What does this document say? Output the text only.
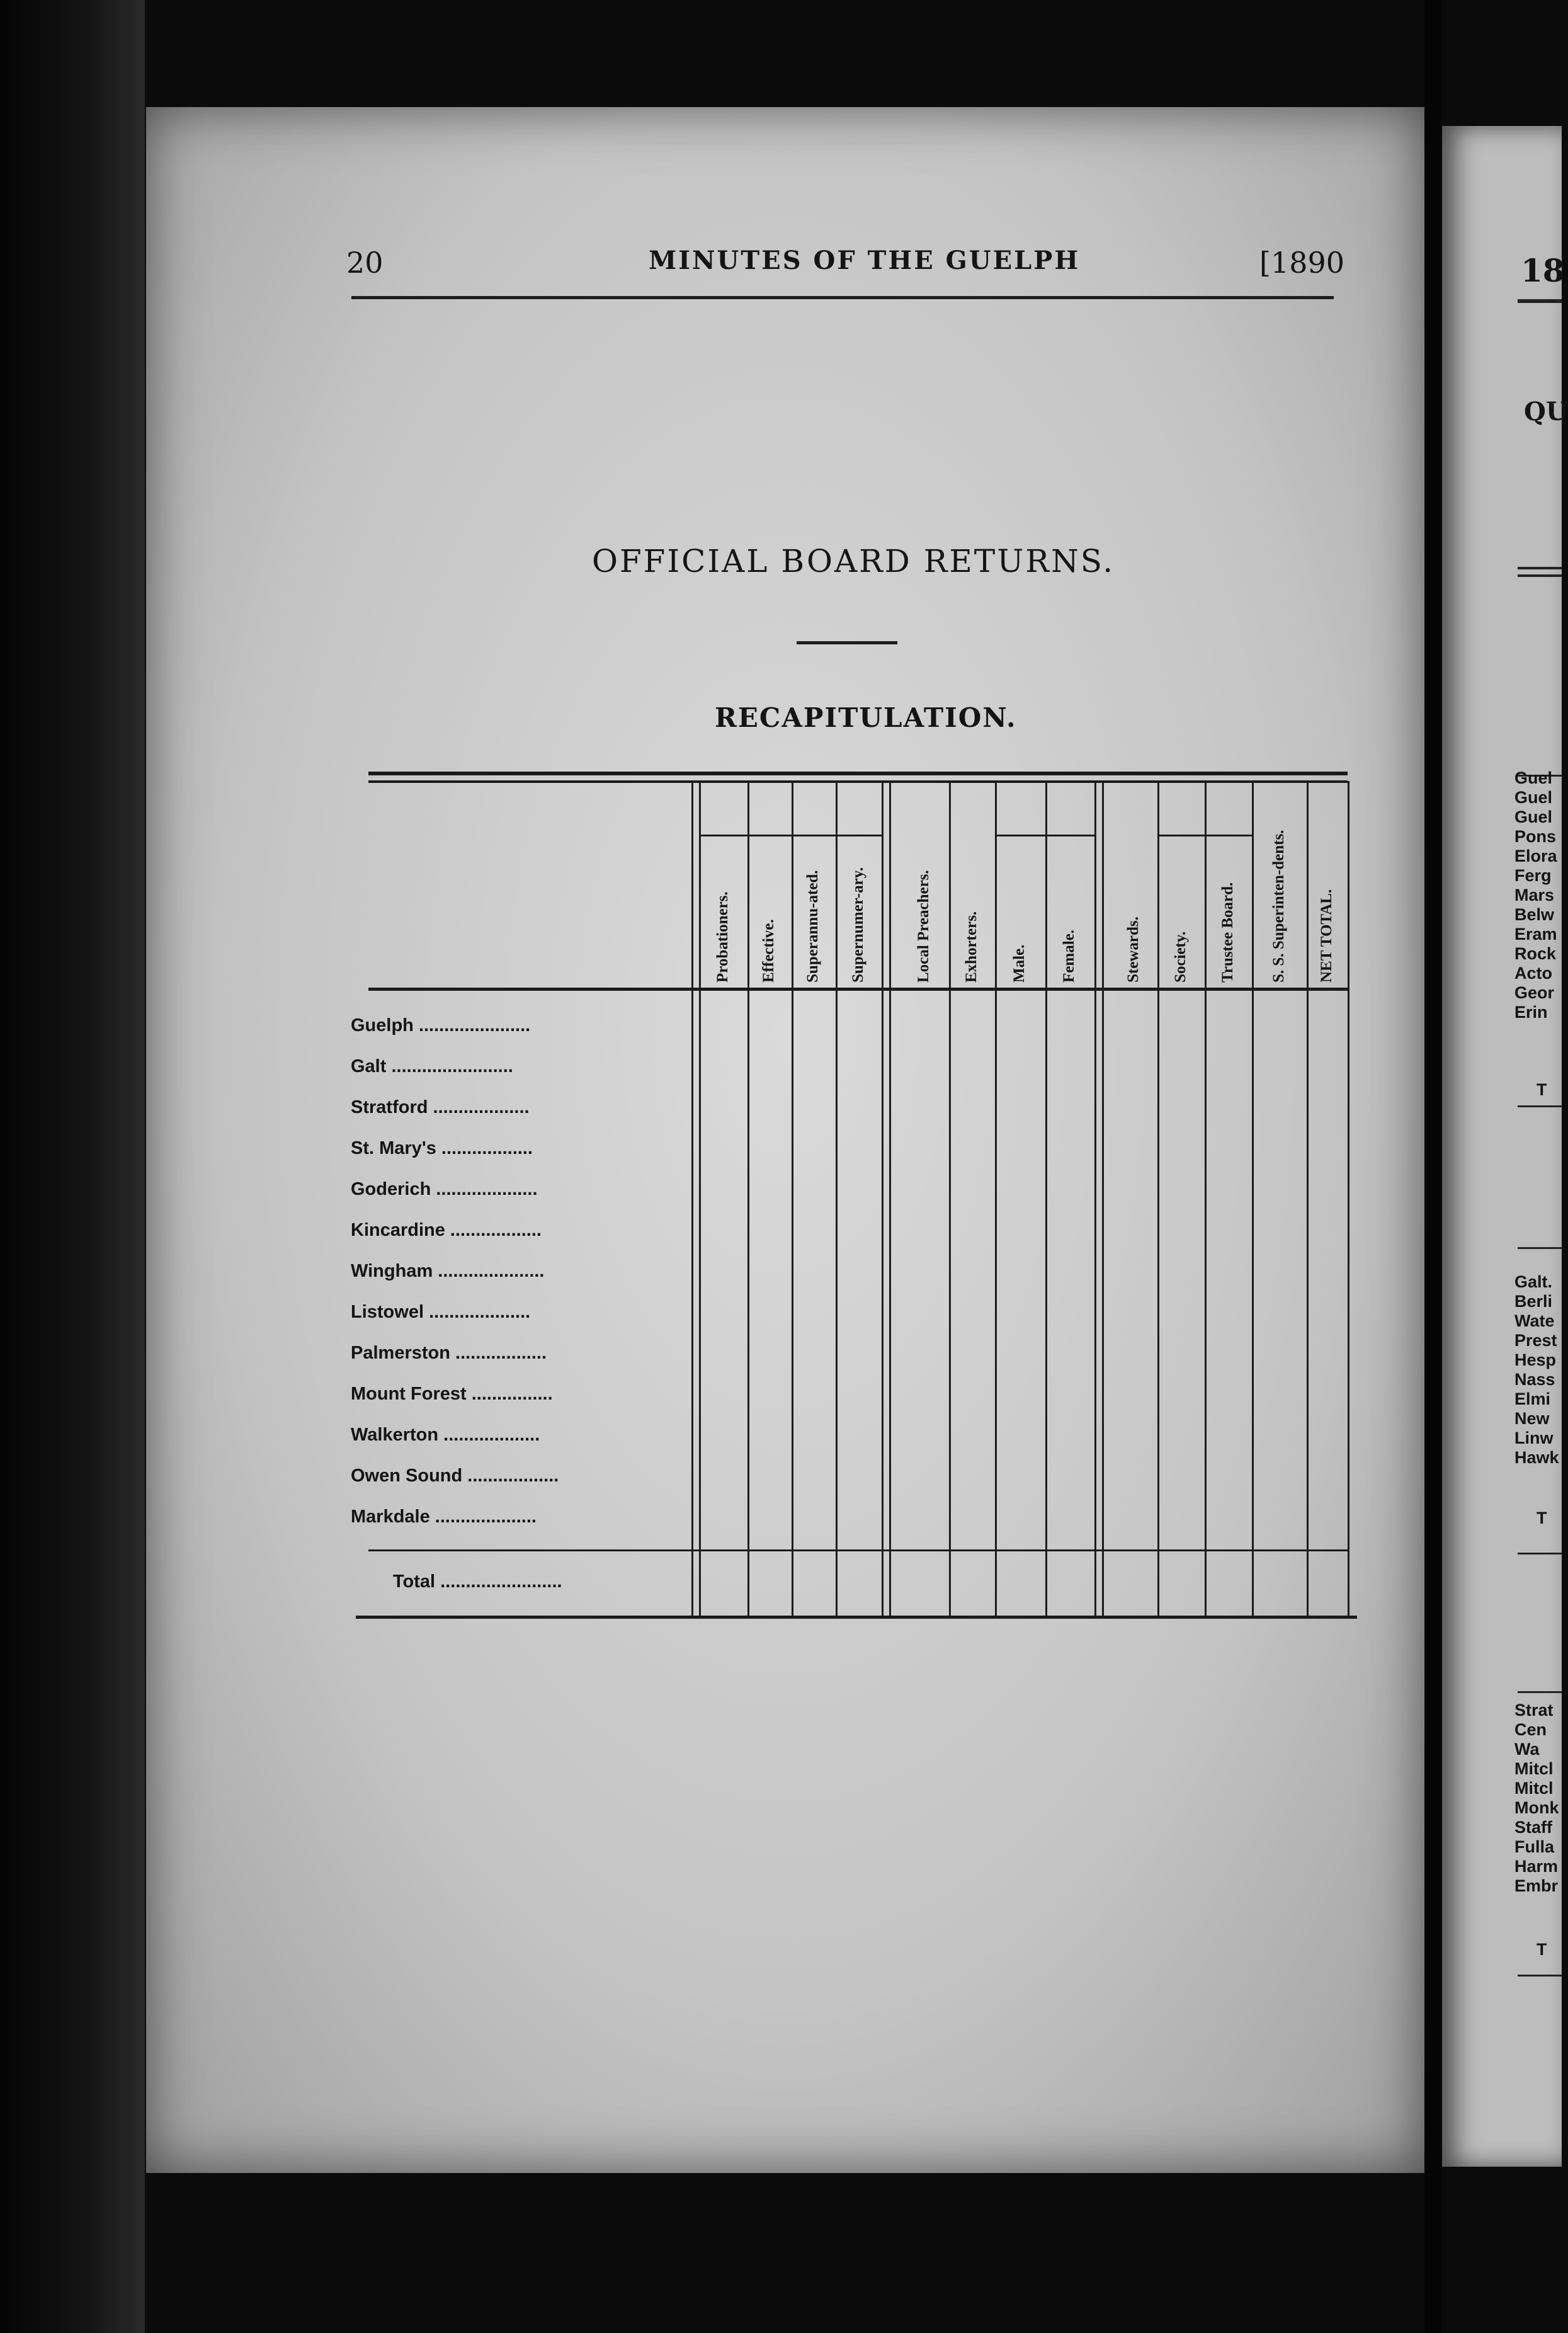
18
QU
Guel
Guel
Guel
Pons
Elora
Ferg
Mars
Belw
Eram
Rock
Acto
Geor
Erin
T
Galt.
Berli
Wate
Prest
Hesp
Nass
Elmi
New
Linw
Hawk
T
Strat
Cen
Wa
Mitcl
Mitcl
Monk
Staff
Fulla
Harm
Embr
T
20	MINUTES OF THE GUELPH	[1890
OFFICIAL BOARD RETURNS.
RECAPITULATION.
Probationers. Effective. Superannu-ated. Supernumer-ary.	Local Preachers. Exhorters. Male. Female.	Stewards. Society. Trustee Board. S. S. Superinten-dents. NET TOTAL.
Guelph ......................
Galt ........................
Stratford ...................
St. Mary's ..................
Goderich ....................
Kincardine ..................
Wingham .....................
Listowel ....................
Palmerston ..................
Mount Forest ................
Walkerton ...................
Owen Sound ..................
Markdale ....................
Total ........................
